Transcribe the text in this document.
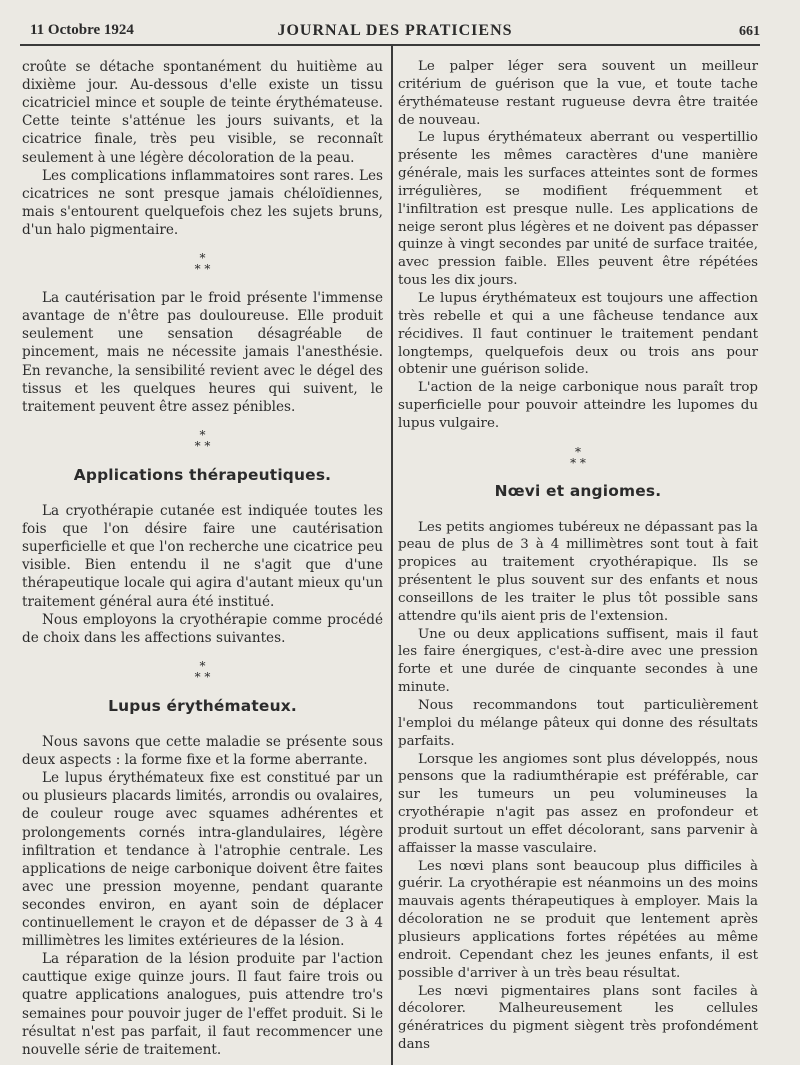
11 Octobre 1924	JOURNAL DES PRATICIENS	661

croûte se détache spontanément du huitième au dixième jour. Au-dessous d'elle existe un tissu cicatriciel mince et souple de teinte érythémateuse. Cette teinte s'atténue les jours suivants, et la cicatrice finale, très peu visible, se reconnaît seulement à une légère décoloration de la peau.

Les complications inflammatoires sont rares. Les cicatrices ne sont presque jamais chéloïdiennes, mais s'entourent quelquefois chez les sujets bruns, d'un halo pigmentaire.

*
* *

La cautérisation par le froid présente l'immense avantage de n'être pas douloureuse. Elle produit seulement une sensation désagréable de pincement, mais ne nécessite jamais l'anesthésie. En revanche, la sensibilité revient avec le dégel des tissus et les quelques heures qui suivent, le traitement peuvent être assez pénibles.

*
* *
Applications thérapeutiques.

La cryothérapie cutanée est indiquée toutes les fois que l'on désire faire une cautérisation superficielle et que l'on recherche une cicatrice peu visible. Bien entendu il ne s'agit que d'une thérapeutique locale qui agira d'autant mieux qu'un traitement général aura été institué.

Nous employons la cryothérapie comme procédé de choix dans les affections suivantes.

*
* *
Lupus érythémateux.

Nous savons que cette maladie se présente sous deux aspects : la forme fixe et la forme aberrante.

Le lupus érythémateux fixe est constitué par un ou plusieurs placards limités, arrondis ou ovalaires, de couleur rouge avec squames adhérentes et prolongements cornés intra-glandulaires, légère infiltration et tendance à l'atrophie centrale. Les applications de neige carbonique doivent être faites avec une pression moyenne, pendant quarante secondes environ, en ayant soin de déplacer continuellement le crayon et de dépasser de 3 à 4 millimètres les limites extérieures de la lésion.

La réparation de la lésion produite par l'action cauttique exige quinze jours. Il faut faire trois ou quatre applications analogues, puis attendre tro's semaines pour pouvoir juger de l'effet produit. Si le résultat n'est pas parfait, il faut recommencer une nouvelle série de traitement.

Le palper léger sera souvent un meilleur critérium de guérison que la vue, et toute tache érythémateuse restant rugueuse devra être traitée de nouveau.

Le lupus érythémateux aberrant ou vespertillio présente les mêmes caractères d'une manière générale, mais les surfaces atteintes sont de formes irrégulières, se modifient fréquemment et l'infiltration est presque nulle. Les applications de neige seront plus légères et ne doivent pas dépasser quinze à vingt secondes par unité de surface traitée, avec pression faible. Elles peuvent être répétées tous les dix jours.

Le lupus érythémateux est toujours une affection très rebelle et qui a une fâcheuse tendance aux récidives. Il faut continuer le traitement pendant longtemps, quelquefois deux ou trois ans pour obtenir une guérison solide.

L'action de la neige carbonique nous paraît trop superficielle pour pouvoir atteindre les lupomes du lupus vulgaire.

*
* *
Nœvi et angiomes.

Les petits angiomes tubéreux ne dépassant pas la peau de plus de 3 à 4 millimètres sont tout à fait propices au traitement cryothérapique. Ils se présentent le plus souvent sur des enfants et nous conseillons de les traiter le plus tôt possible sans attendre qu'ils aient pris de l'extension.

Une ou deux applications suffisent, mais il faut les faire énergiques, c'est-à-dire avec une pression forte et une durée de cinquante secondes à une minute.

Nous recommandons tout particulièrement l'emploi du mélange pâteux qui donne des résultats parfaits.

Lorsque les angiomes sont plus développés, nous pensons que la radiumthérapie est préférable, car sur les tumeurs un peu volumineuses la cryothérapie n'agit pas assez en profondeur et produit surtout un effet décolorant, sans parvenir à affaisser la masse vasculaire.

Les nœvi plans sont beaucoup plus difficiles à guérir. La cryothérapie est néanmoins un des moins mauvais agents thérapeutiques à employer. Mais la décoloration ne se produit que lentement après plusieurs applications fortes répétées au même endroit. Cependant chez les jeunes enfants, il est possible d'arriver à un très beau résultat.

Les nœvi pigmentaires plans sont faciles à décolorer. Malheureusement les cellules génératrices du pigment siègent très profondément dans
